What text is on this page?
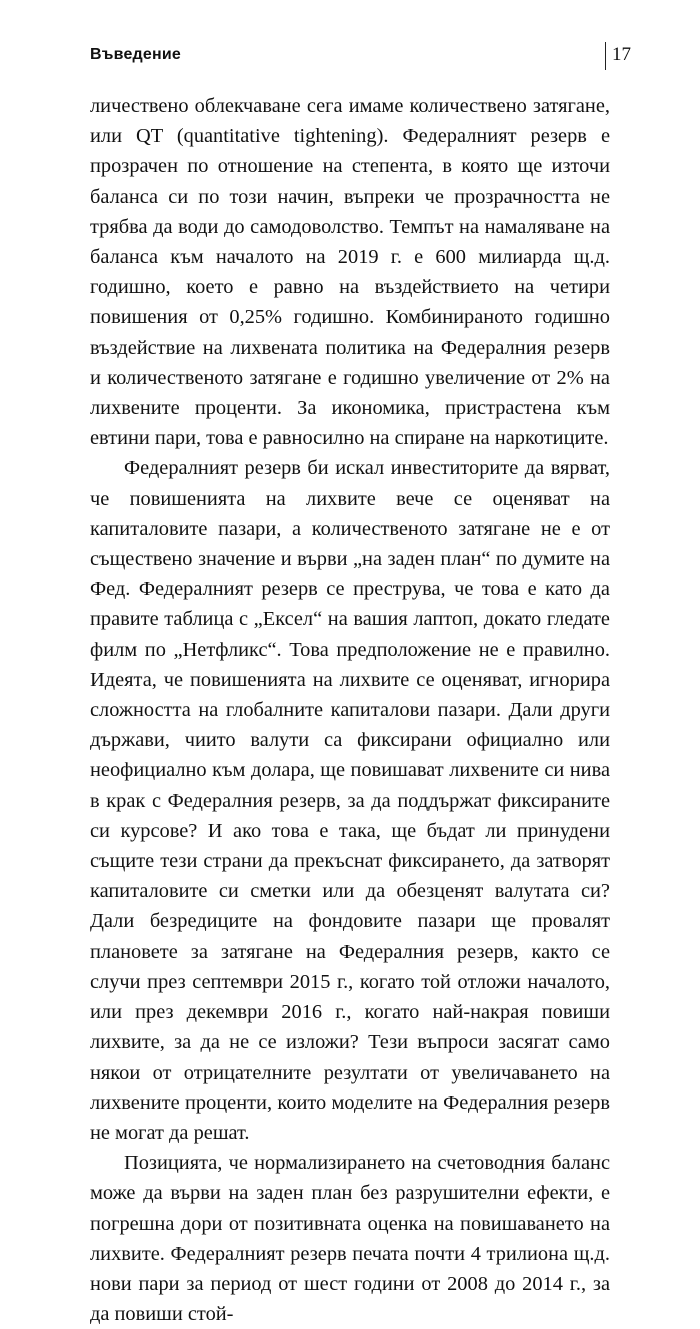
Въведение	17

личествено облекчаване сега имаме количествено затягане, или QT (quantitative tightening). Федералният резерв е прозрачен по отношение на степента, в която ще източи баланса си по този начин, въпреки че прозрачността не трябва да води до самодоволство. Темпът на намаляване на баланса към началото на 2019 г. е 600 милиарда щ.д. годишно, което е равно на въздействието на четири повишения от 0,25% годишно. Комбинираното годишно въздействие на лихвената политика на Федералния резерв и количественото затягане е годишно увеличение от 2% на лихвените проценти. За икономика, пристрастена към евтини пари, това е равносилно на спиране на наркотиците.

Федералният резерв би искал инвеститорите да вярват, че повишенията на лихвите вече се оценяват на капиталовите пазари, а количественото затягане не е от съществено значение и върви „на заден план“ по думите на Фед. Федералният резерв се преструва, че това е като да правите таблица с „Ексел“ на вашия лаптоп, докато гледате филм по „Нетфликс“. Това предположение не е правилно. Идеята, че повишенията на лихвите се оценяват, игнорира сложността на глобалните капиталови пазари. Дали други държави, чиито валути са фиксирани официално или неофициално към долара, ще повишават лихвените си нива в крак с Федералния резерв, за да поддържат фиксираните си курсове? И ако това е така, ще бъдат ли принудени същите тези страни да прекъснат фиксирането, да затворят капиталовите си сметки или да обезценят валутата си? Дали безредиците на фондовите пазари ще провалят плановете за затягане на Федералния резерв, както се случи през септември 2015 г., когато той отложи началото, или през декември 2016 г., когато най-накрая повиши лихвите, за да не се изложи? Тези въпроси засягат само някои от отрицателните резултати от увеличаването на лихвените проценти, които моделите на Федералния резерв не могат да решат.

Позицията, че нормализирането на счетоводния баланс може да върви на заден план без разрушителни ефекти, е погрешна дори от позитивната оценка на повишаването на лихвите. Федералният резерв печата почти 4 трилиона щ.д. нови пари за период от шест години от 2008 до 2014 г., за да повиши стой-
